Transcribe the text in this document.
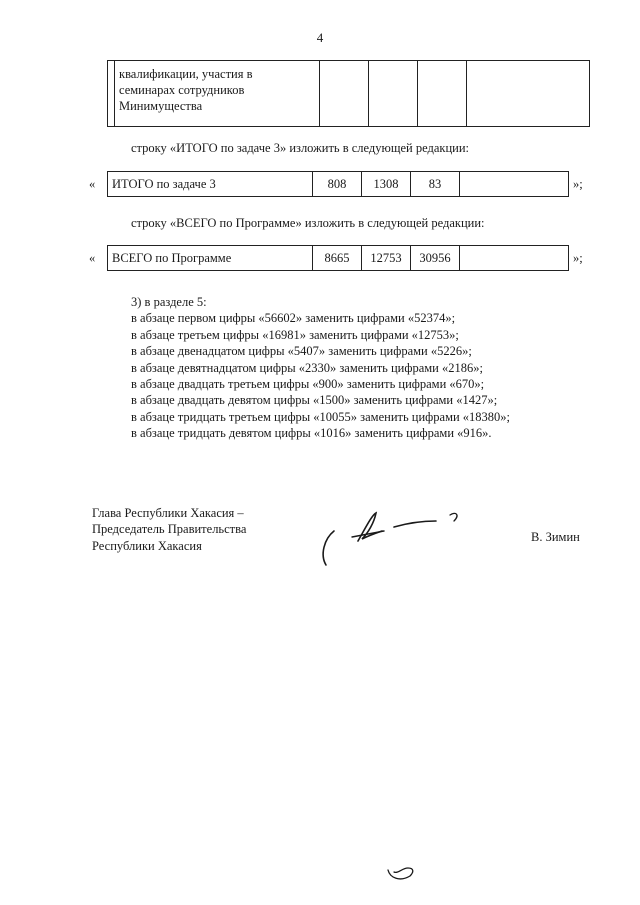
4

квалификации, участия в
семинарах сотрудников
Минимущества

строку «ИТОГО по задаче 3» изложить в следующей редакции:
« ИТОГО по задаче 3	808	1308	83		»;
строку «ВСЕГО по Программе» изложить в следующей редакции:
« ВСЕГО по Программе	8665	12753	30956		»;
3) в разделе 5:
в абзаце первом цифры «56602» заменить цифрами «52374»;
в абзаце третьем цифры «16981» заменить цифрами «12753»;
в абзаце двенадцатом цифры «5407» заменить цифрами «5226»;
в абзаце девятнадцатом цифры «2330» заменить цифрами «2186»;
в абзаце двадцать третьем цифры «900» заменить цифрами «670»;
в абзаце двадцать девятом цифры «1500» заменить цифрами «1427»;
в абзаце тридцать третьем цифры «10055» заменить цифрами «18380»;
в абзаце тридцать девятом цифры «1016» заменить цифрами «916».
Глава Республики Хакасия –
Председатель Правительства
Республики Хакасия
В. Зимин
